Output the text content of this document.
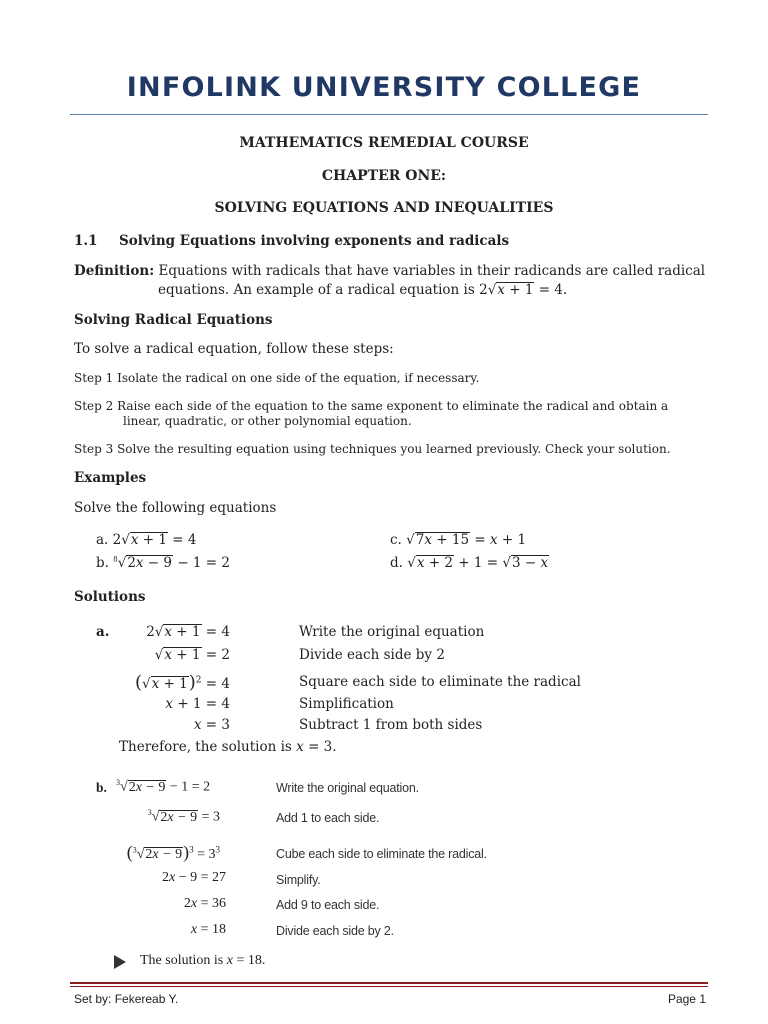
INFOLINK UNIVERSITY COLLEGE
MATHEMATICS REMEDIAL COURSE
CHAPTER ONE:
SOLVING EQUATIONS AND INEQUALITIES
1.1 Solving Equations involving exponents and radicals
Definition: Equations with radicals that have variables in their radicands are called radical
equations. An example of a radical equation is 2√x + 1 = 4.
Solving Radical Equations
To solve a radical equation, follow these steps:
Step 1 Isolate the radical on one side of the equation, if necessary.
Step 2 Raise each side of the equation to the same exponent to eliminate the radical and obtain a
linear, quadratic, or other polynomial equation.
Step 3 Solve the resulting equation using techniques you learned previously. Check your solution.
Examples
Solve the following equations
a. 2√x + 1 = 4
b. $^8$√2x − 9 − 1 = 2
c. √7x + 15 = x + 1
d. √x + 2 + 1 = √3 − x
Solutions
a.	2√x + 1 = 4
√x + 1 = 2
$(√x + 1)^2 = 4$
x + 1 = 4
x = 3
Write the original equation
Divide each side by 2
Square each side to eliminate the radical
Simplification
Subtract 1 from both sides
Therefore, the solution is x = 3.
b. $^3$√2x − 9 − 1 = 2
$^3$√2x − 9 = 3
$(^3√2x - 9)^3 = 3^3$
2x − 9 = 27
2x = 36
x = 18
Write the original equation.
Add 1 to each side.
Cube each side to eliminate the radical.
Simplify.
Add 9 to each side.
Divide each side by 2.
The solution is x = 18.
Set by: Fekereab Y.	Page 1
